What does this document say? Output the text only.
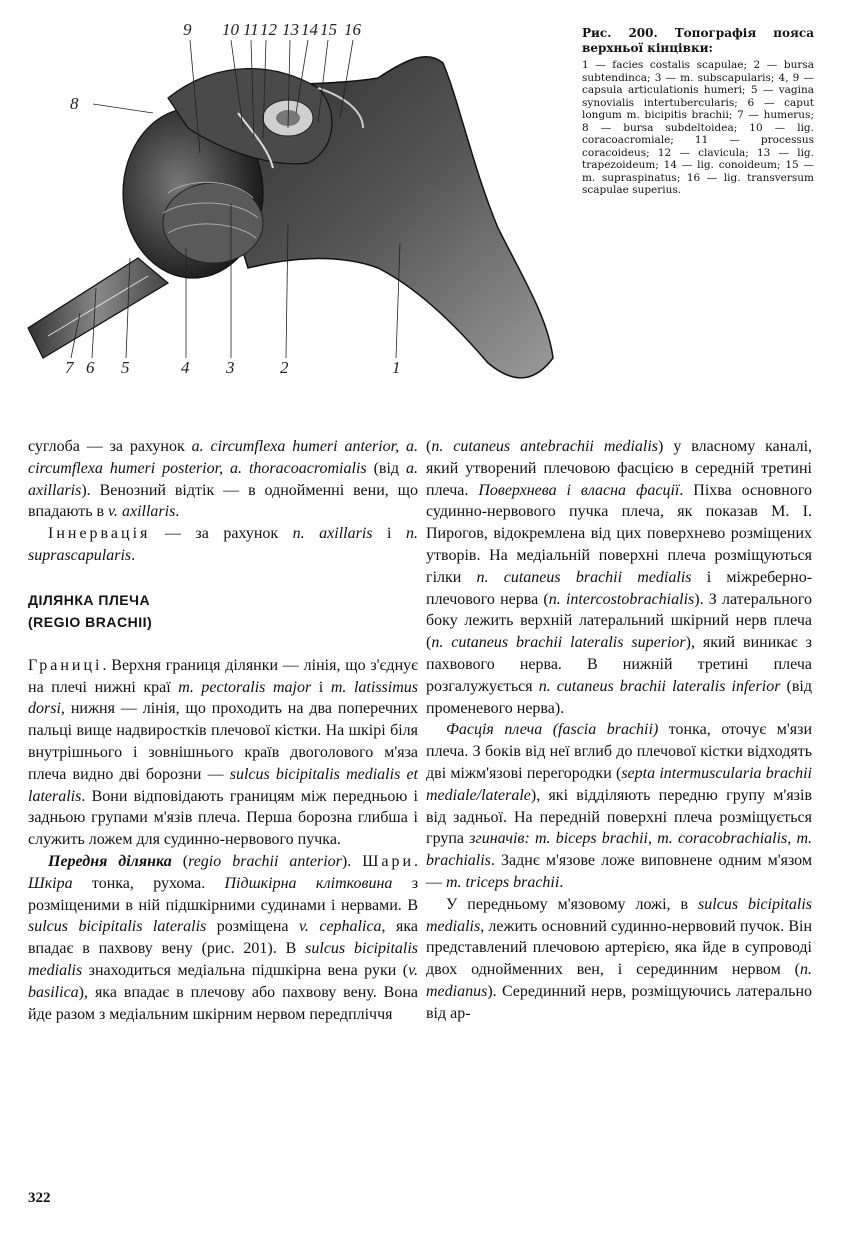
9 10 11 12 13 14 15 16
8
7 6 5	4 3	2	1
Рис. 200. Топографія пояса верхньої кінцівки:
1 — facies costalis scapulae; 2 — bursa subtendinca; 3 — m. subscapularis; 4, 9 — capsula articulationis humeri; 5 — vagina synovialis intertubercularis; 6 — caput longum m. bicipitis brachii; 7 — humerus; 8 — bursa subdeltoidea; 10 — lig. coracoacromiale; 11 — processus coracoideus; 12 — clavicula; 13 — lig. trapezoideum; 14 — lig. conoideum; 15 — m. supraspinatus; 16 — lig. transversum scapulae superius.

суглоба — за рахунок a. circumflexa humeri anterior, a. circumflexa humeri posterior, a. thoracoacromialis (від a. axillaris). Венозний відтік — в однойменні вени, що впадають в v. axillaris.

Іннервація — за рахунок n. axillaris і n. suprascapularis.

ДІЛЯНКА ПЛЕЧА
(REGIO BRACHII)

Границі. Верхня границя ділянки — лінія, що з'єднує на плечі нижні краї m. pectoralis major і m. latissimus dorsi, нижня — лінія, що проходить на два поперечних пальці вище надвиростків плечової кістки. На шкірі біля внутрішнього і зовнішнього країв двоголового м'яза плеча видно дві борозни — sulcus bicipitalis medialis et lateralis. Вони відповідають границям між передньою і задньою групами м'язів плеча. Перша борозна глибша і служить ложем для судинно-нервового пучка.

Передня ділянка (regio brachii anterior). Шари. Шкіра тонка, рухома. Підшкірна клітковина з розміщеними в ній підшкірними судинами і нервами. В sulcus bicipitalis lateralis розміщена v. cephalica, яка впадає в пахвову вену (рис. 201). В sulcus bicipitalis medialis знаходиться медіальна підшкірна вена руки (v. basilica), яка впадає в плечову або пахвову вену. Вона йде разом з медіальним шкірним нервом передпліччя

(n. cutaneus antebrachii medialis) у власному каналі, який утворений плечовою фасцією в середній третині плеча. Поверхнева і власна фасції. Піхва основного судинно-нервового пучка плеча, як показав М. І. Пирогов, відокремлена від цих поверхнево розміщених утворів. На медіальній поверхні плеча розміщуються гілки n. cutaneus brachii medialis і міжреберно-плечового нерва (n. intercostobrachialis). З латерального боку лежить верхній латеральний шкірний нерв плеча (n. cutaneus brachii lateralis superior), який виникає з пахвового нерва. В нижній третині плеча розгалужується n. cutaneus brachii lateralis inferior (від променевого нерва).

Фасція плеча (fascia brachii) тонка, оточує м'язи плеча. З боків від неї вглиб до плечової кістки відходять дві міжм'язові перегородки (septa intermuscularia brachii mediale/laterale), які відділяють передню групу м'язів від задньої. На передній поверхні плеча розміщується група згиначів: m. biceps brachii, m. coracobrachialis, m. brachialis. Заднє м'язове ложе виповнене одним м'язом — m. triceps brachii.

У передньому м'язовому ложі, в sulcus bicipitalis medialis, лежить основний судинно-нервовий пучок. Він представлений плечовою артерією, яка йде в супроводі двох однойменних вен, і серединним нервом (n. medianus). Серединний нерв, розміщуючись латерально від ар-

322
